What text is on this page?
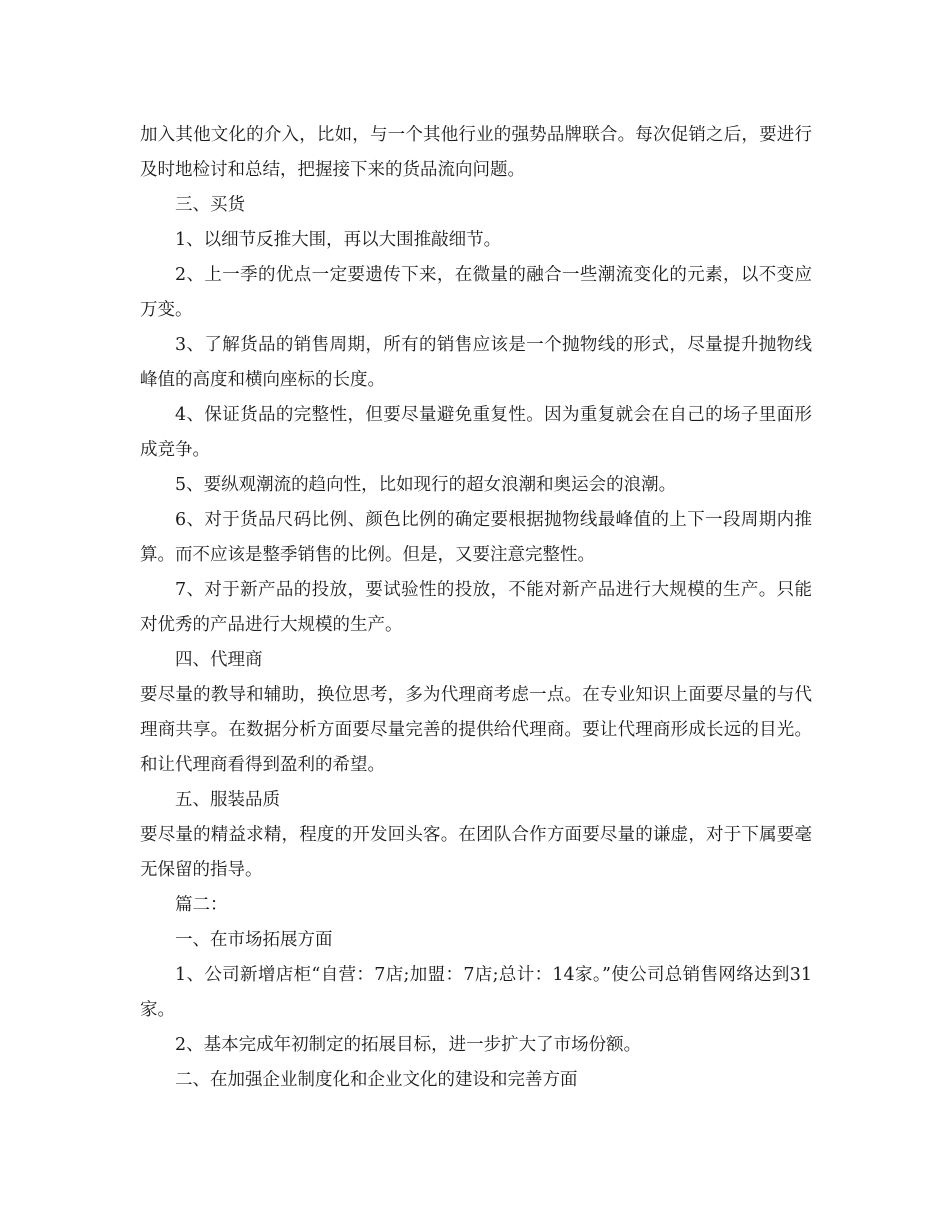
加入其他文化的介入，比如，与一个其他行业的强势品牌联合。每次促销之后，要进行及时地检讨和总结，把握接下来的货品流向问题。

三、买货

1、以细节反推大围，再以大围推敲细节。

2、上一季的优点一定要遗传下来，在微量的融合一些潮流变化的元素，以不变应万变。

3、了解货品的销售周期，所有的销售应该是一个抛物线的形式，尽量提升抛物线峰值的高度和横向座标的长度。

4、保证货品的完整性，但要尽量避免重复性。因为重复就会在自己的场子里面形成竞争。

5、要纵观潮流的趋向性，比如现行的超女浪潮和奥运会的浪潮。

6、对于货品尺码比例、颜色比例的确定要根据抛物线最峰值的上下一段周期内推算。而不应该是整季销售的比例。但是，又要注意完整性。

7、对于新产品的投放，要试验性的投放，不能对新产品进行大规模的生产。只能对优秀的产品进行大规模的生产。

四、代理商

要尽量的教导和辅助，换位思考，多为代理商考虑一点。在专业知识上面要尽量的与代理商共享。在数据分析方面要尽量完善的提供给代理商。要让代理商形成长远的目光。和让代理商看得到盈利的希望。

五、服装品质

要尽量的精益求精，程度的开发回头客。在团队合作方面要尽量的谦虚，对于下属要毫无保留的指导。

篇二：

一、在市场拓展方面

1、公司新增店柜“自营：7店;加盟：7店;总计：14家。”使公司总销售网络达到31家。

2、基本完成年初制定的拓展目标，进一步扩大了市场份额。

二、在加强企业制度化和企业文化的建设和完善方面
